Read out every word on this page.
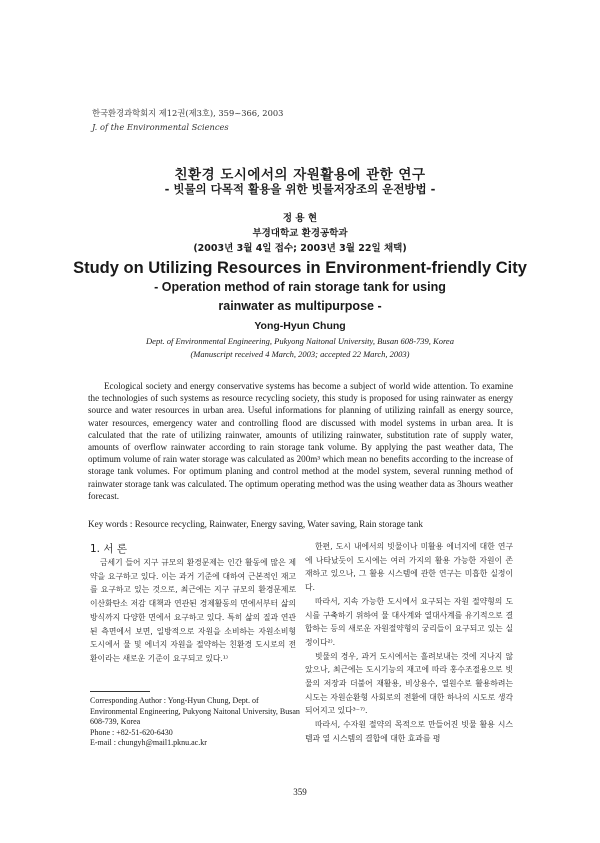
한국환경과학회지 제12권(제3호), 359~366, 2003
J. of the Environmental Sciences
친환경 도시에서의 자원활용에 관한 연구
- 빗물의 다목적 활용을 위한 빗물저장조의 운전방법 -
정 용 현
부경대학교 환경공학과
(2003년 3월 4일 접수; 2003년 3월 22일 채택)
Study on Utilizing Resources in Environment-friendly City
- Operation method of rain storage tank for using rainwater as multipurpose -
Yong-Hyun Chung
Dept. of Environmental Engineering, Pukyong Naitonal University, Busan 608-739, Korea
(Manuscript received 4 March, 2003; accepted 22 March, 2003)

Ecological society and energy conservative systems has become a subject of world wide attention. To examine the technologies of such systems as resource recycling society, this study is proposed for using rainwater as energy source and water resources in urban area. Useful informations for planning of utilizing rainfall as energy source, water resources, emergency water and controlling flood are discussed with model systems in urban area. It is calculated that the rate of utilizing rainwater, amounts of utilizing rainwater, substitution rate of supply water, amounts of overflow rainwater according to rain storage tank volume. By applying the past weather data, The optimum volume of rain water storage was calculated as 200m³ which mean no benefits according to the increase of storage tank volumes. For optimum planing and control method at the model system, several running method of rainwater storage tank was calculated. The optimum operating method was the using weather data as 3hours weather forecast.

Key words : Resource recycling, Rainwater, Energy saving, Water saving, Rain storage tank

1. 서 론

금세기 들어 지구 규모의 환경문제는 인간 활동에 많은 제약을 요구하고 있다. 이는 과거 기준에 대하여 근본적인 재고를 요구하고 있는 것으로, 최근에는 지구 규모의 환경문제로 이산화탄소 저감 대책과 연관된 경제활동의 면에서부터 삶의 방식까지 다양한 면에서 요구하고 있다. 특히 삶의 질과 연관된 측면에서 보면, 일방적으로 자원을 소비하는 자원소비형 도시에서 물 및 에너지 자원을 절약하는 친환경 도시로의 전환이라는 새로운 기준이 요구되고 있다.¹⁾

한편, 도시 내에서의 빗물이나 미활용 에너지에 대한 연구에 나타났듯이 도시에는 여러 가지의 활용 가능한 자원이 존재하고 있으나, 그 활용 시스템에 관한 연구는 미흡한 실정이다.

따라서, 지속 가능한 도시에서 요구되는 자원 절약형의 도시를 구축하기 위하여 물 대사계와 열대사계를 유기적으로 결합하는 등의 새로운 자원절약형의 궁리들이 요구되고 있는 실정이다²⁾.

빗물의 경우, 과거 도시에서는 흘려보내는 것에 지나지 않았으나, 최근에는 도시기능의 재고에 따라 홍수조절용으로 빗물의 저장과 더불어 재활용, 비상용수, 열원수로 활용하려는 시도는 자원순환형 사회로의 전환에 대한 하나의 시도로 생각되어지고 있다³⁻⁷⁾.

따라서, 수자원 절약의 목적으로 만들어진 빗물 활용 시스템과 열 시스템의 결합에 대한 효과를 평

Corresponding Author : Yong-Hyun Chung, Dept. of Environmental Engineering, Pukyong Naitonal University, Busan 608-739, Korea
Phone : +82-51-620-6430
E-mail : chungyh@mail1.pknu.ac.kr
359
